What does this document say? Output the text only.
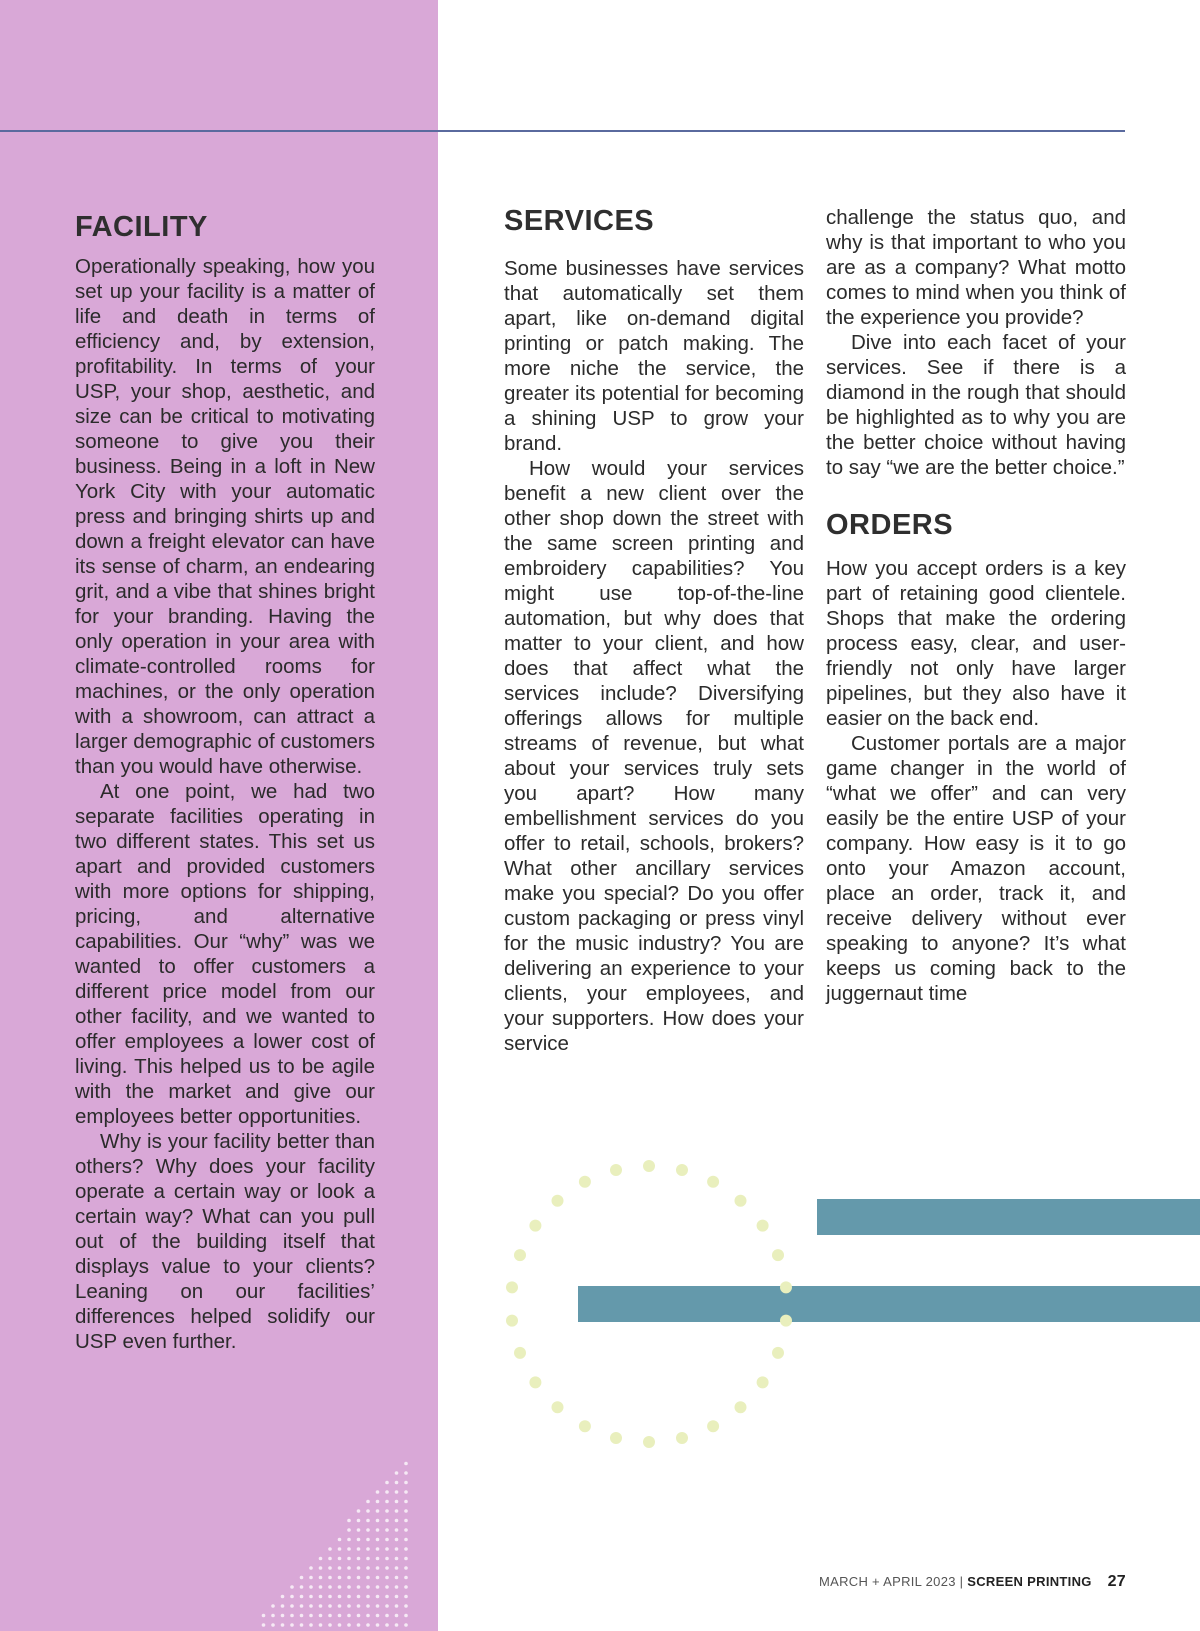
FACILITY

Operationally speaking, how you set up your facility is a matter of life and death in terms of efficiency and, by extension, profitability. In terms of your USP, your shop, aesthetic, and size can be critical to motivating someone to give you their business. Being in a loft in New York City with your automatic press and bringing shirts up and down a freight elevator can have its sense of charm, an endearing grit, and a vibe that shines bright for your branding. Having the only operation in your area with climate-controlled rooms for machines, or the only operation with a showroom, can attract a larger demographic of customers than you would have otherwise.

At one point, we had two separate facilities operating in two different states. This set us apart and provided customers with more options for shipping, pricing, and alternative capabilities. Our “why” was we wanted to offer customers a different price model from our other facility, and we wanted to offer employees a lower cost of living. This helped us to be agile with the market and give our employees better opportunities.

Why is your facility better than others? Why does your facility operate a certain way or look a certain way? What can you pull out of the building itself that displays value to your clients? Leaning on our facilities’ differences helped solidify our USP even further.

SERVICES

Some businesses have services that automatically set them apart, like on-demand digital printing or patch making. The more niche the service, the greater its potential for becoming a shining USP to grow your brand.

How would your services benefit a new client over the other shop down the street with the same screen printing and embroidery capabilities? You might use top-of-the-line automation, but why does that matter to your client, and how does that affect what the services include? Diversifying offerings allows for multiple streams of revenue, but what about your services truly sets you apart? How many embellishment services do you offer to retail, schools, brokers? What other ancillary services make you special? Do you offer custom packaging or press vinyl for the music industry? You are delivering an experience to your clients, your employees, and your supporters. How does your service

challenge the status quo, and why is that important to who you are as a company? What motto comes to mind when you think of the experience you provide?

Dive into each facet of your services. See if there is a diamond in the rough that should be highlighted as to why you are the better choice without having to say “we are the better choice.”

ORDERS

How you accept orders is a key part of retaining good clientele. Shops that make the ordering process easy, clear, and user-friendly not only have larger pipelines, but they also have it easier on the back end.

Customer portals are a major game changer in the world of “what we offer” and can very easily be the entire USP of your company. How easy is it to go onto your Amazon account, place an order, track it, and receive delivery without ever speaking to anyone? It’s what keeps us coming back to the juggernaut time

MARCH + APRIL 2023 | SCREEN PRINTING 27
